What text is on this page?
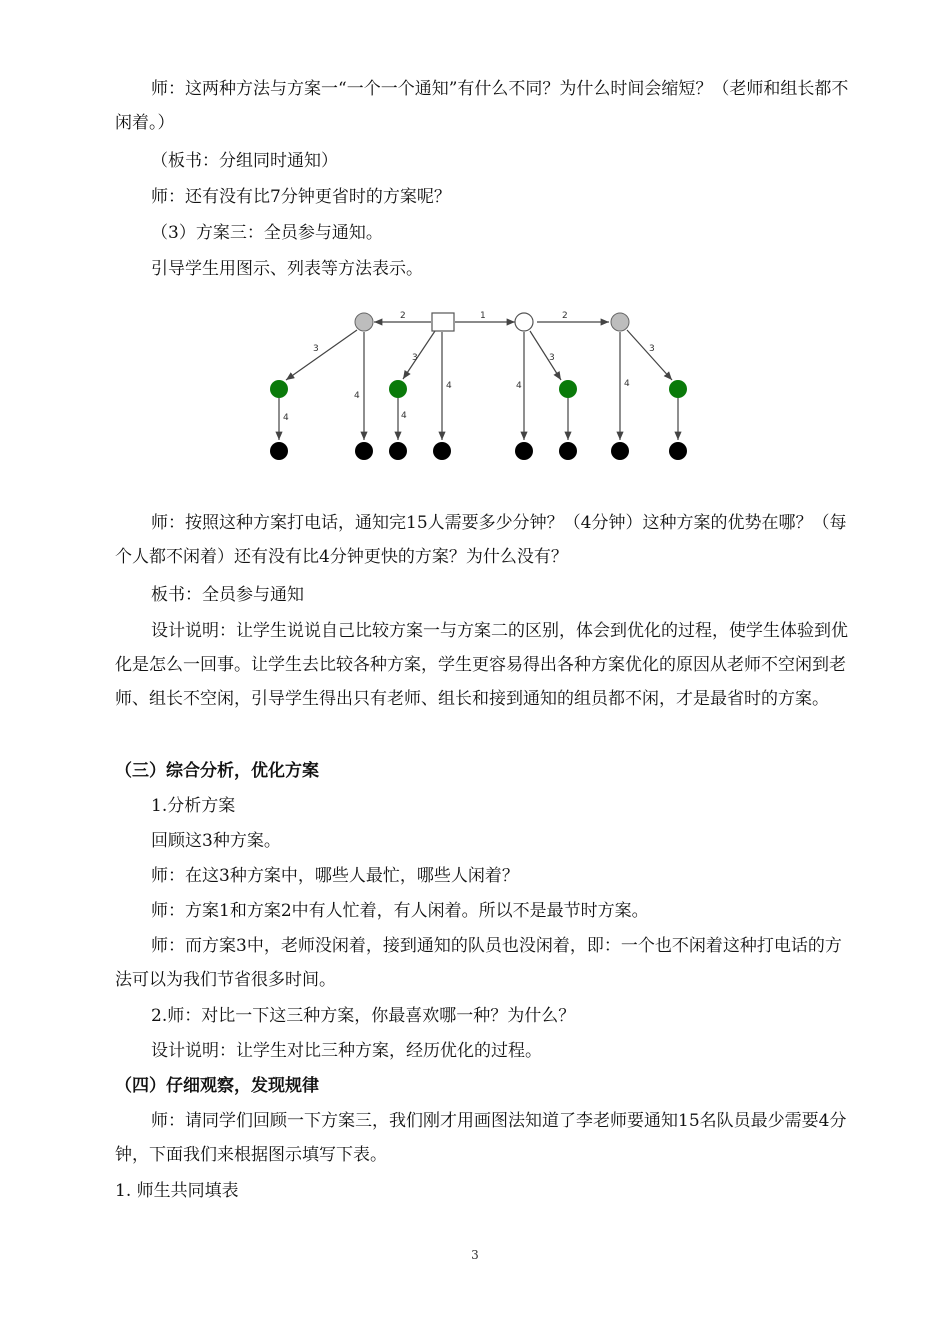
师：这两种方法与方案一“一个一个通知”有什么不同？为什么时间会缩短？（老师和组长都不闲着。）
（板书：分组同时通知）
师：还有没有比7分钟更省时的方案呢？
（3）方案三：全员参与通知。
引导学生用图示、列表等方法表示。
2	1	2
3
3	3
3
4
4	4	4
4	4
师：按照这种方案打电话，通知完15人需要多少分钟？（4分钟）这种方案的优势在哪？（每个人都不闲着）还有没有比4分钟更快的方案？为什么没有？
板书：全员参与通知
设计说明：让学生说说自己比较方案一与方案二的区别，体会到优化的过程，使学生体验到优化是怎么一回事。让学生去比较各种方案，学生更容易得出各种方案优化的原因从老师不空闲到老师、组长不空闲，引导学生得出只有老师、组长和接到通知的组员都不闲，才是最省时的方案。
（三）综合分析，优化方案
1.分析方案
回顾这3种方案。
师：在这3种方案中，哪些人最忙，哪些人闲着？
师：方案1和方案2中有人忙着，有人闲着。所以不是最节时方案。
师：而方案3中，老师没闲着，接到通知的队员也没闲着，即：一个也不闲着这种打电话的方法可以为我们节省很多时间。
2.师：对比一下这三种方案，你最喜欢哪一种？为什么？
设计说明：让学生对比三种方案，经历优化的过程。
（四）仔细观察，发现规律
师：请同学们回顾一下方案三，我们刚才用画图法知道了李老师要通知15名队员最少需要4分钟，下面我们来根据图示填写下表。
1. 师生共同填表
3
